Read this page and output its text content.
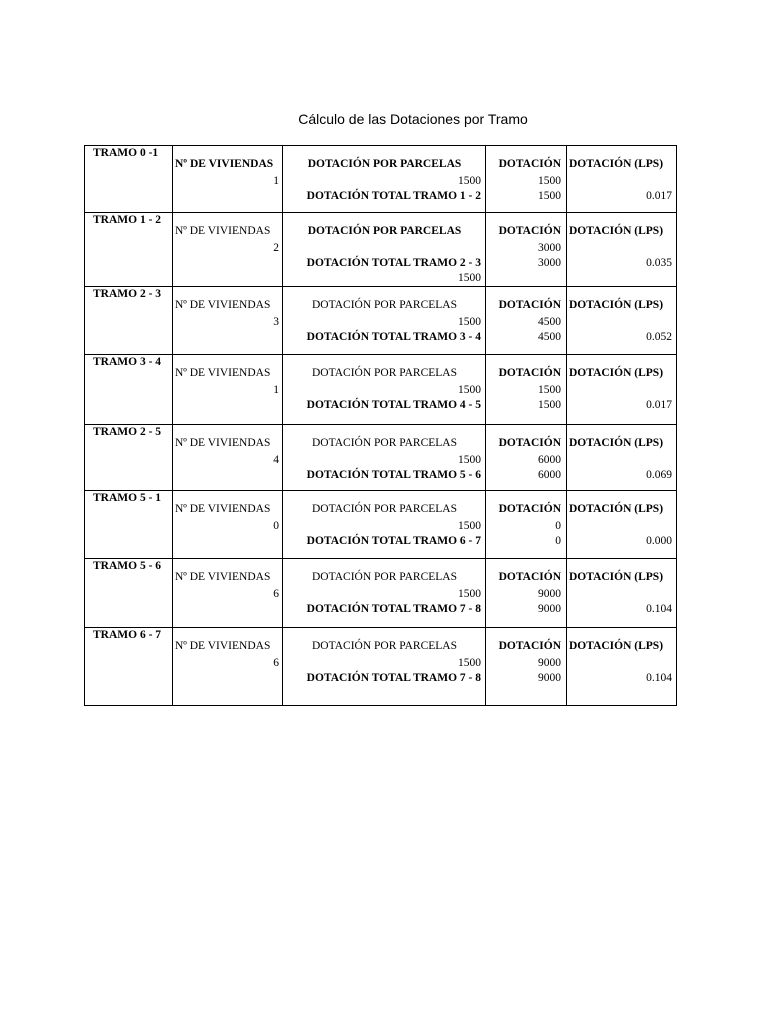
Cálculo de las Dotaciones por Tramo
TRAMO 0 -1
Nº DE VIVIENDAS
1
DOTACIÓN POR PARCELAS
1500
DOTACIÓN TOTAL TRAMO 1 - 2
DOTACIÓN
1500
1500
DOTACIÓN (LPS)
0.017
TRAMO 1 - 2
Nº DE VIVIENDAS
2
DOTACIÓN POR PARCELAS
DOTACIÓN TOTAL TRAMO 2 - 3
1500
DOTACIÓN
3000
3000
DOTACIÓN (LPS)
0.035
TRAMO 2 - 3
Nº DE VIVIENDAS
3
DOTACIÓN POR PARCELAS
1500
DOTACIÓN TOTAL TRAMO 3 - 4
DOTACIÓN
4500
4500
DOTACIÓN (LPS)
0.052
TRAMO 3 - 4
Nº DE VIVIENDAS
1
DOTACIÓN POR PARCELAS
1500
DOTACIÓN TOTAL TRAMO 4 - 5
DOTACIÓN
1500
1500
DOTACIÓN (LPS)
0.017
TRAMO 2 - 5
Nº DE VIVIENDAS
4
DOTACIÓN POR PARCELAS
1500
DOTACIÓN TOTAL TRAMO 5 - 6
DOTACIÓN
6000
6000
DOTACIÓN (LPS)
0.069
TRAMO 5 - 1
Nº DE VIVIENDAS
0
DOTACIÓN POR PARCELAS
1500
DOTACIÓN TOTAL TRAMO 6 - 7
DOTACIÓN
0
0
DOTACIÓN (LPS)
0.000
TRAMO 5 - 6
Nº DE VIVIENDAS
6
DOTACIÓN POR PARCELAS
1500
DOTACIÓN TOTAL TRAMO 7 - 8
DOTACIÓN
9000
9000
DOTACIÓN (LPS)
0.104
TRAMO 6 - 7
Nº DE VIVIENDAS
6
DOTACIÓN POR PARCELAS
1500
DOTACIÓN TOTAL TRAMO 7 - 8
DOTACIÓN
9000
9000
DOTACIÓN (LPS)
0.104
